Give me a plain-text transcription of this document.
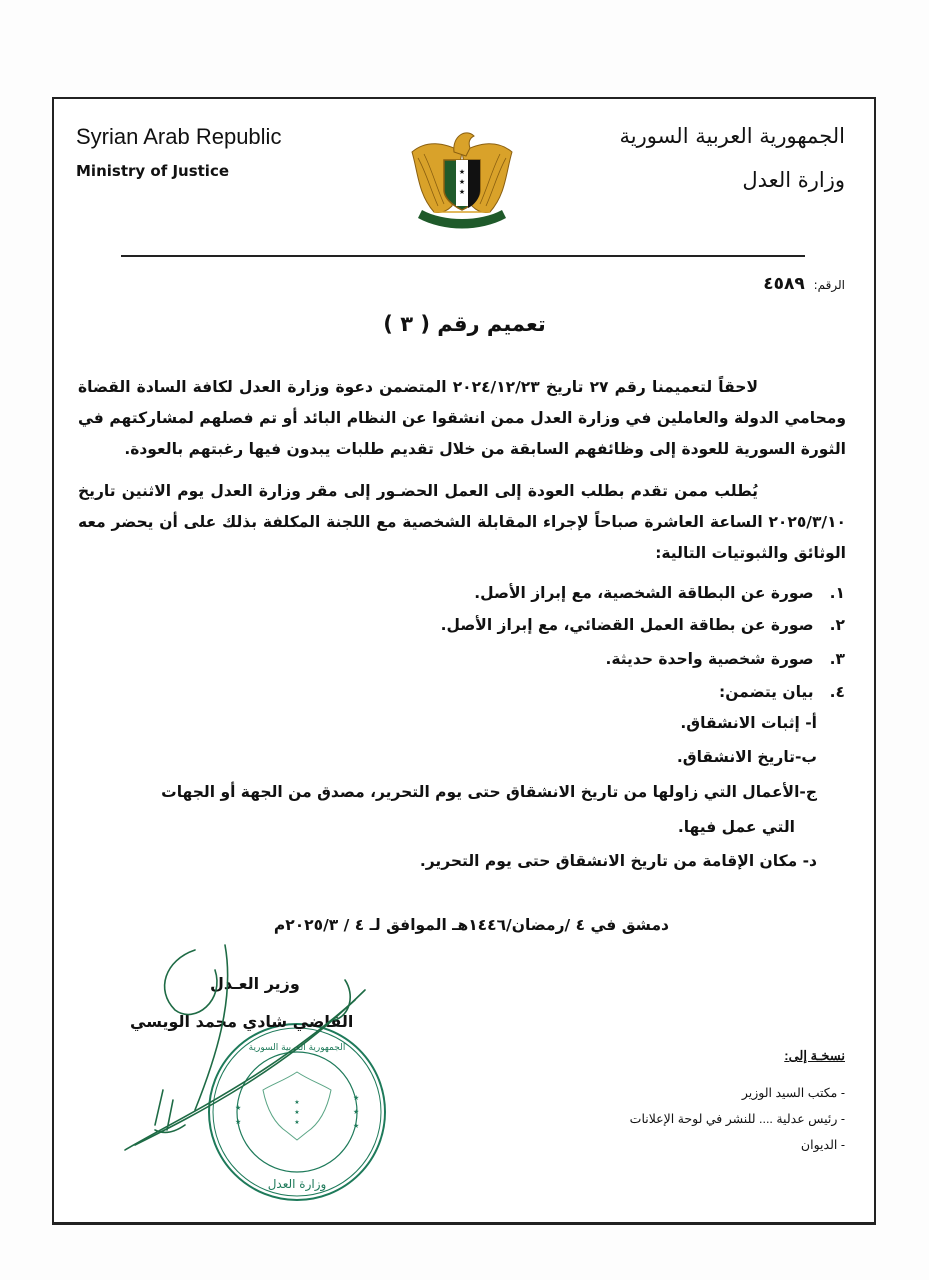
Syrian Arab Republic
Ministry of Justice
الجمهورية العربية السورية
وزارة العدل
★
★
★
الرقم: ٤٥٨٩
تعميم رقم ( ٣ )
لاحقاً لتعميمنا رقم ٢٧ تاريخ ٢٠٢٤/١٢/٢٣ المتضمن دعوة وزارة العدل لكافة السادة القضاة ومحامي الدولة والعاملين في وزارة العدل ممن انشقوا عن النظام البائد أو تم فصلهم لمشاركتهم في الثورة السورية للعودة إلى وظائفهم السابقة من خلال تقديم طلبات يبدون فيها رغبتهم بالعودة.
يُطلب ممن تقدم بطلب العودة إلى العمل الحضـور إلى مقر وزارة العدل يوم الاثنين تاريخ ٢٠٢٥/٣/١٠ الساعة العاشرة صباحاً لإجراء المقابلة الشخصية مع اللجنة المكلفة بذلك على أن يحضر معه الوثائق والثبوتيات التالية:
١. صورة عن البطاقة الشخصية، مع إبراز الأصل.
٢. صورة عن بطاقة العمل القضائي، مع إبراز الأصل.
٣. صورة شخصية واحدة حديثة.
٤. بيان يتضمن:
أ- إثبات الانشقاق.
ب-تاريخ الانشقاق.
ج-الأعمال التي زاولها من تاريخ الانشقاق حتى يوم التحرير، مصدق من الجهة أو الجهات
التي عمل فيها.
د- مكان الإقامة من تاريخ الانشقاق حتى يوم التحرير.
دمشق في ٤ /رمضان/١٤٤٦هـ الموافق لـ ٤ / ٢٠٢٥/٣م
★
★
★
★
★
★
★
★
وزارة العدل
الجمهورية العربية السورية
وزير العـدل
القاضي شادي محمد الويسي
نسخـة إلى:
- مكتب السيد الوزير
- رئيس عدلية .... للنشر في لوحة الإعلانات
- الديوان
